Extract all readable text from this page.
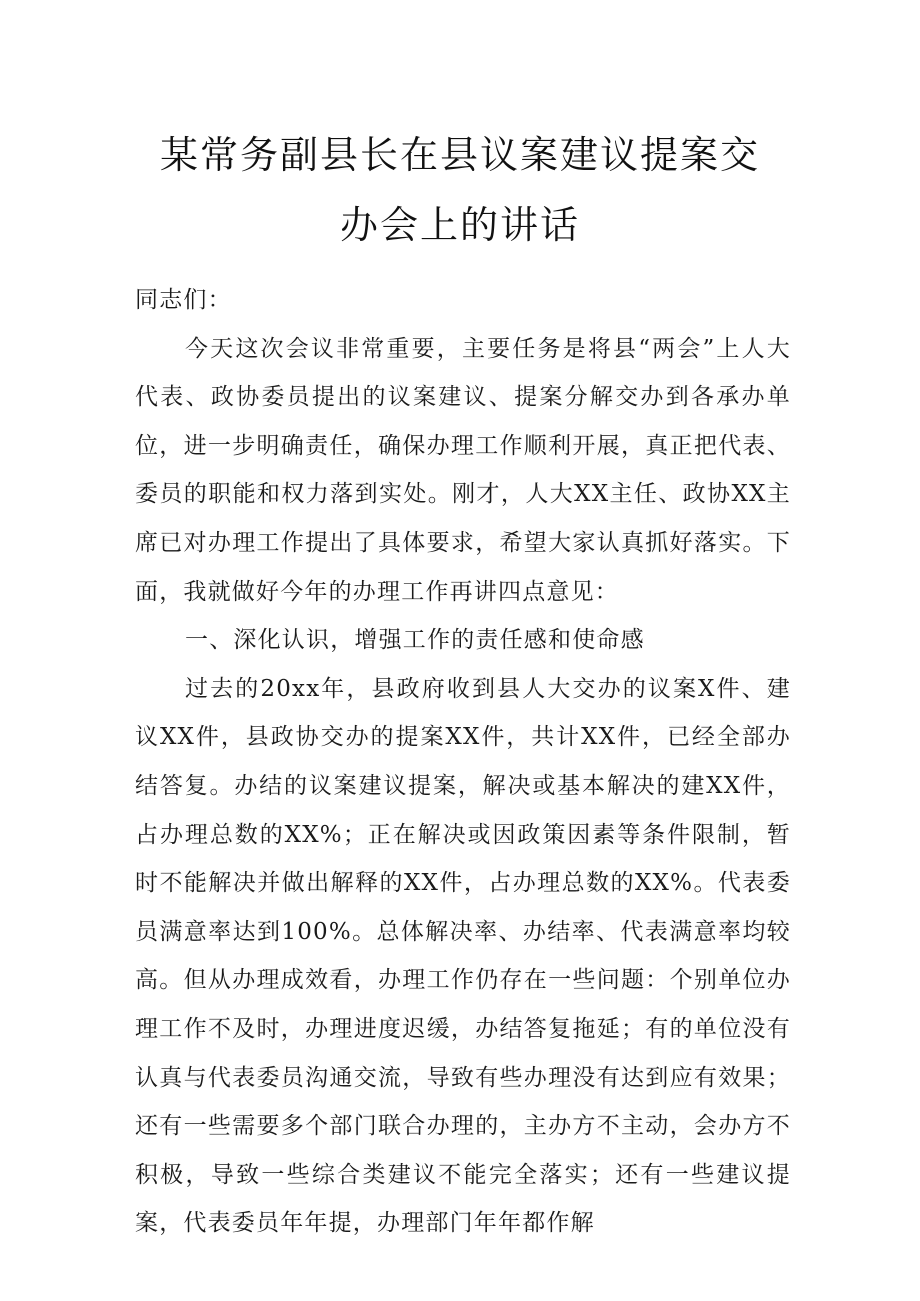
某常务副县长在县议案建议提案交
办会上的讲话

同志们：

今天这次会议非常重要，主要任务是将县“两会”上人大代表、政协委员提出的议案建议、提案分解交办到各承办单位，进一步明确责任，确保办理工作顺利开展，真正把代表、委员的职能和权力落到实处。刚才，人大XX主任、政协XX主席已对办理工作提出了具体要求，希望大家认真抓好落实。下面，我就做好今年的办理工作再讲四点意见：

一、深化认识，增强工作的责任感和使命感

过去的20xx年，县政府收到县人大交办的议案X件、建议XX件，县政协交办的提案XX件，共计XX件，已经全部办结答复。办结的议案建议提案，解决或基本解决的建XX件，占办理总数的XX%；正在解决或因政策因素等条件限制，暂时不能解决并做出解释的XX件，占办理总数的XX%。代表委员满意率达到100%。总体解决率、办结率、代表满意率均较高。但从办理成效看，办理工作仍存在一些问题：个别单位办理工作不及时，办理进度迟缓，办结答复拖延；有的单位没有认真与代表委员沟通交流，导致有些办理没有达到应有效果；还有一些需要多个部门联合办理的，主办方不主动，会办方不积极，导致一些综合类建议不能完全落实；还有一些建议提案，代表委员年年提，办理部门年年都作解
